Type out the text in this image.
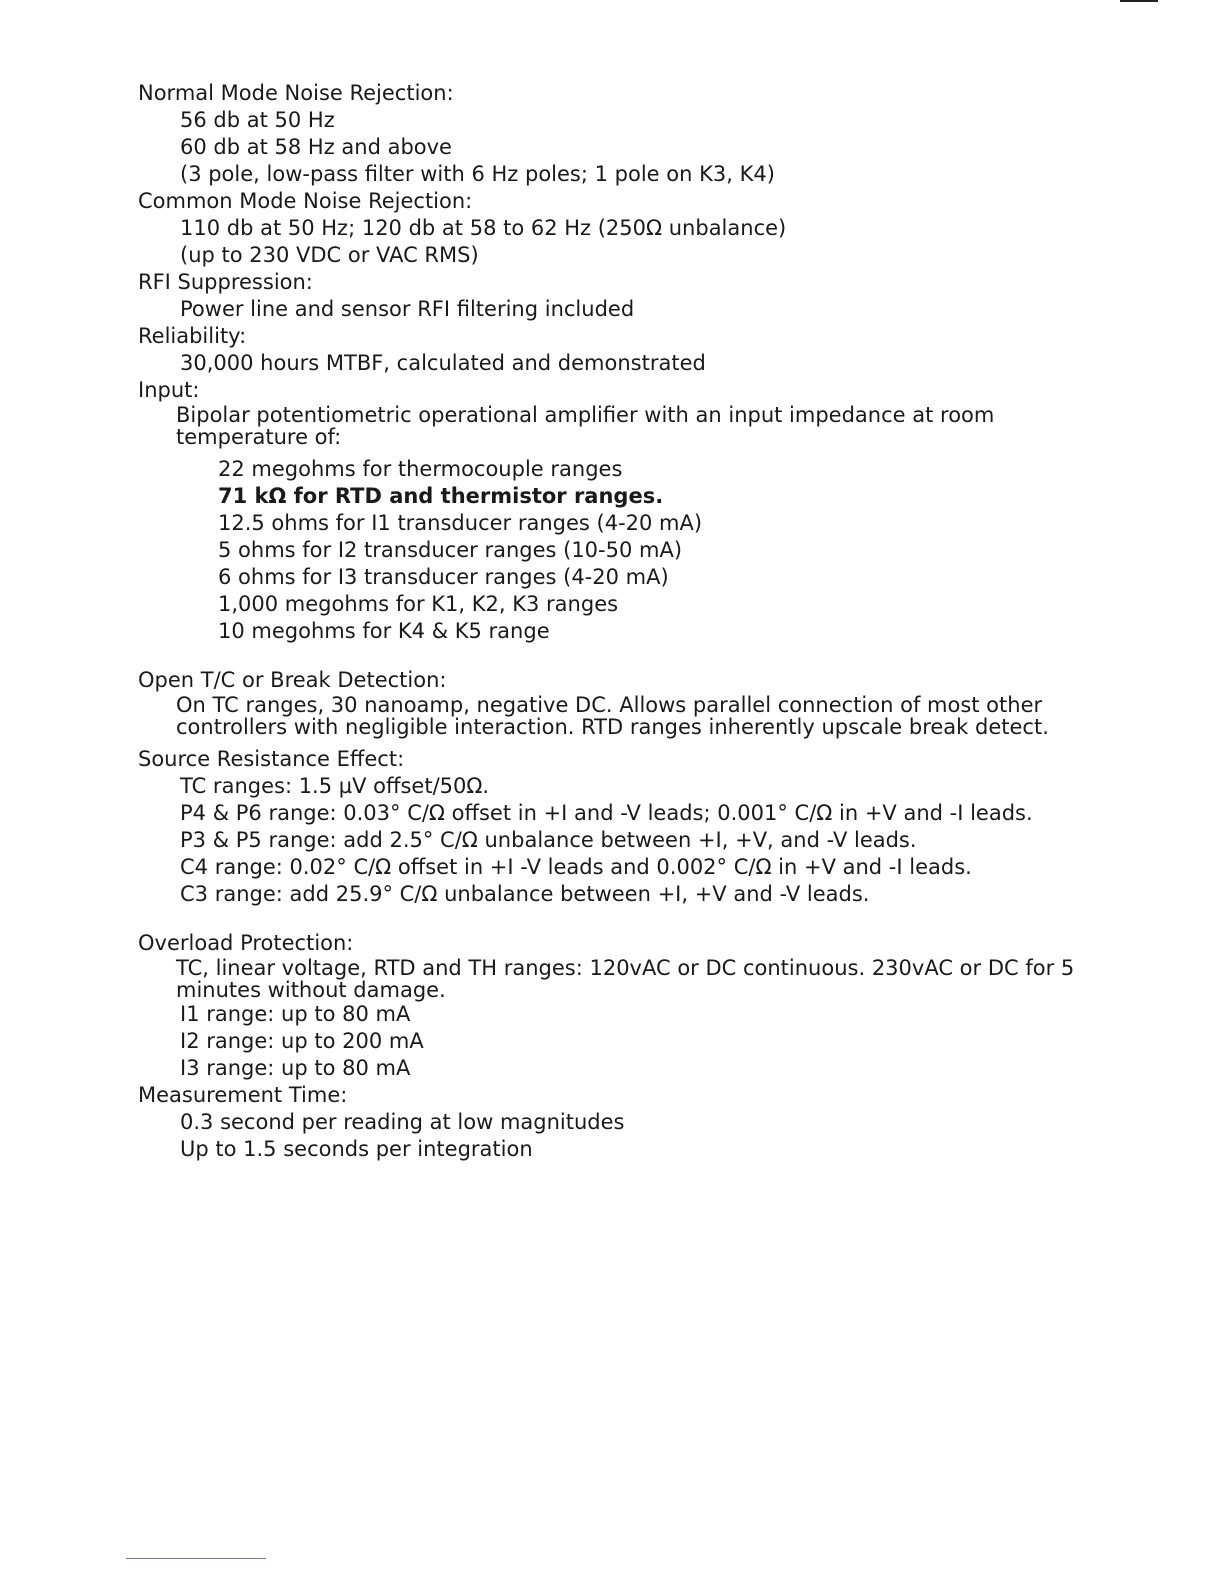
Normal Mode Noise Rejection:
56 db at 50 Hz
60 db at 58 Hz and above
(3 pole, low-pass filter with 6 Hz poles; 1 pole on K3, K4)
Common Mode Noise Rejection:
110 db at 50 Hz; 120 db at 58 to 62 Hz (250Ω unbalance)
(up to 230 VDC or VAC RMS)
RFI Suppression:
Power line and sensor RFI filtering included
Reliability:
30,000 hours MTBF, calculated and demonstrated
Input:
Bipolar potentiometric operational amplifier with an input impedance at room temperature of:
22 megohms for thermocouple ranges
71 kΩ for RTD and thermistor ranges.
12.5 ohms for I1 transducer ranges (4-20 mA)
5 ohms for I2 transducer ranges (10-50 mA)
6 ohms for I3 transducer ranges (4-20 mA)
1,000 megohms for K1, K2, K3 ranges
10 megohms for K4 & K5 range
Open T/C or Break Detection:
On TC ranges, 30 nanoamp, negative DC. Allows parallel connection of most other controllers with negligible interaction. RTD ranges inherently upscale break detect.
Source Resistance Effect:
TC ranges: 1.5 µV offset/50Ω.
P4 & P6 range: 0.03° C/Ω offset in +I and -V leads; 0.001° C/Ω in +V and -I leads.
P3 & P5 range: add 2.5° C/Ω unbalance between +I, +V, and -V leads.
C4 range: 0.02° C/Ω offset in +I -V leads and 0.002° C/Ω in +V and -I leads.
C3 range: add 25.9° C/Ω unbalance between +I, +V and -V leads.
Overload Protection:
TC, linear voltage, RTD and TH ranges: 120vAC or DC continuous. 230vAC or DC for 5 minutes without damage.
I1 range: up to 80 mA
I2 range: up to 200 mA
I3 range: up to 80 mA
Measurement Time:
0.3 second per reading at low magnitudes
Up to 1.5 seconds per integration
